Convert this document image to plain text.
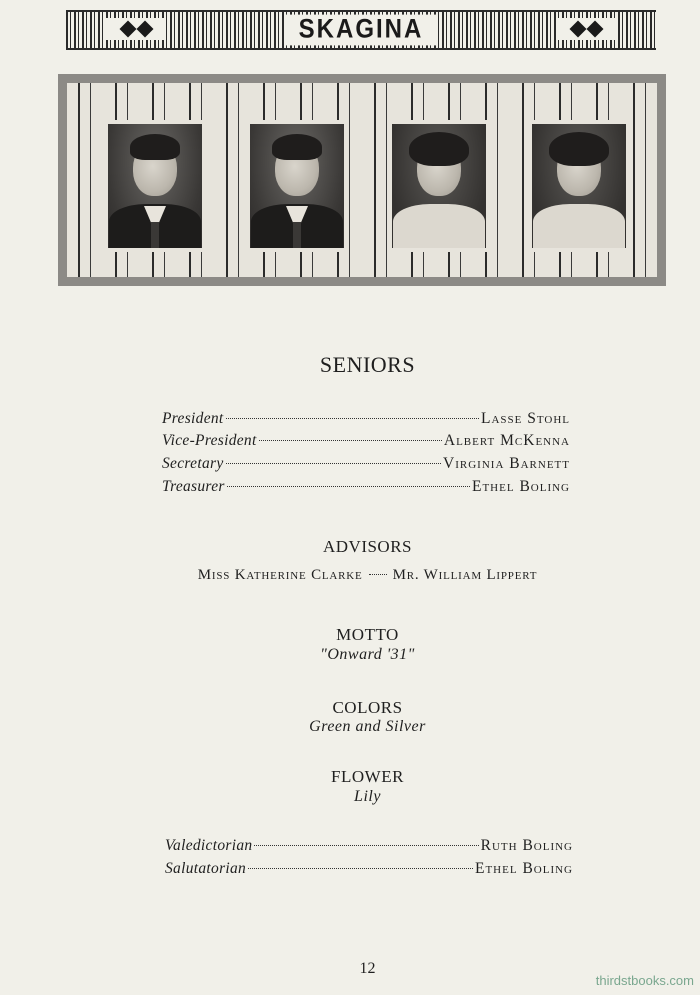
SKAGINA
SENIORS
President	Lasse Stohl
Vice-President	Albert McKenna
Secretary	Virginia Barnett
Treasurer	Ethel Boling
ADVISORS
Miss Katherine Clarke Mr. William Lippert
MOTTO
"Onward '31"
COLORS
Green and Silver
FLOWER
Lily
Valedictorian	Ruth Boling
Salutatorian	Ethel Boling
12
thirdstbooks.com
